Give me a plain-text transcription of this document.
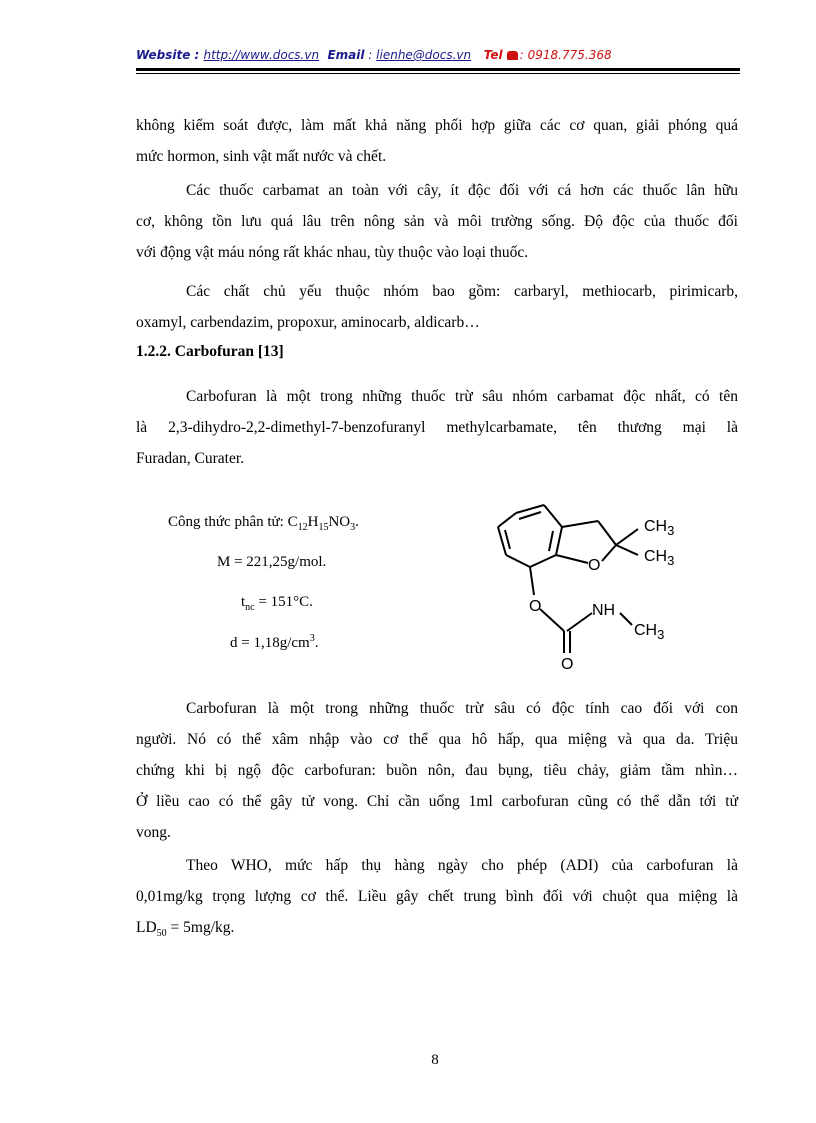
Website : http://www.docs.vn Email : lienhe@docs.vn Tel : 0918.775.368
không kiểm soát được, làm mất khả năng phối hợp giữa các cơ quan, giải phóng quá
mức hormon, sinh vật mất nước và chết.
Các thuốc carbamat an toàn với cây, ít độc đối với cá hơn các thuốc lân hữu
cơ, không tồn lưu quá lâu trên nông sản và môi trường sống. Độ độc của thuốc đối
với động vật máu nóng rất khác nhau, tùy thuộc vào loại thuốc.
Các chất chủ yếu thuộc nhóm bao gồm: carbaryl, methiocarb, pirimicarb,
oxamyl, carbendazim, propoxur, aminocarb, aldicarb…
1.2.2. Carbofuran [13]
Carbofuran là một trong những thuốc trừ sâu nhóm carbamat độc nhất, có tên
là 2,3-dihydro-2,2-dimethyl-7-benzofuranyl methylcarbamate, tên thương mại là
Furadan, Curater.
Công thức phân tử: $C_{12}H_{15}NO_3$.
M = 221,25g/mol.
$t_{nc} = 151^\circ C$.
$d = 1,18g/cm^3$.
$CH_3$
$CH_3$
O
O
O
NH
$CH_3$
Carbofuran là một trong những thuốc trừ sâu có độc tính cao đối với con
người. Nó có thể xâm nhập vào cơ thể qua hô hấp, qua miệng và qua da. Triệu
chứng khi bị ngộ độc carbofuran: buồn nôn, đau bụng, tiêu chảy, giảm tầm nhìn…
Ở liều cao có thể gây tử vong. Chỉ cần uống 1ml carbofuran cũng có thể dẫn tới tử
vong.
Theo WHO, mức hấp thụ hàng ngày cho phép (ADI) của carbofuran là
0,01mg/kg trọng lượng cơ thể. Liều gây chết trung bình đối với chuột qua miệng là
$LD_{50} = 5mg/kg$.
8
